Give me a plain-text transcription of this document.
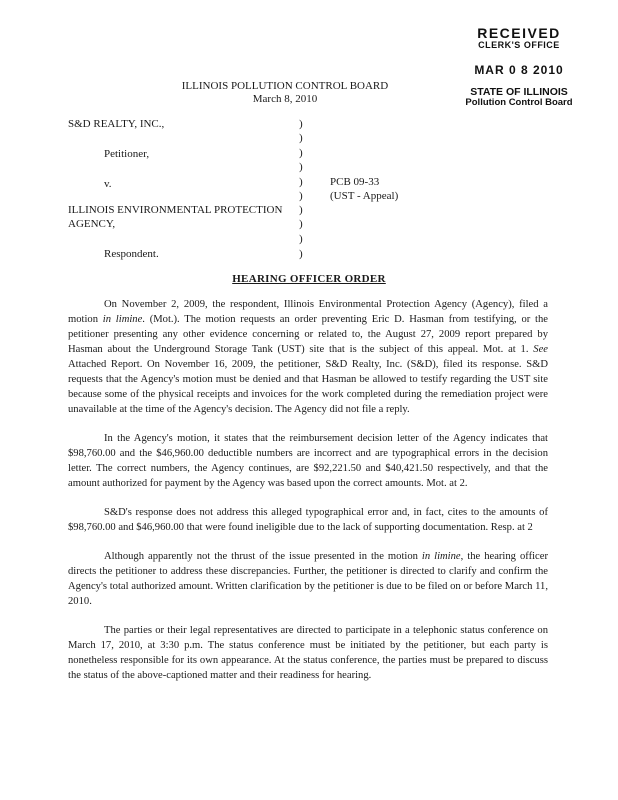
RECEIVED
CLERK'S OFFICE
MAR 0 8 2010
STATE OF ILLINOIS
Pollution Control Board
ILLINOIS POLLUTION CONTROL BOARD
March 8, 2010
S&D REALTY, INC.,
Petitioner,
v.
ILLINOIS ENVIRONMENTAL PROTECTION
AGENCY,
Respondent.
)
)
)
)
)
)
)
)
)
)
PCB 09-33
(UST - Appeal)
HEARING OFFICER ORDER

On November 2, 2009, the respondent, Illinois Environmental Protection Agency (Agency), filed a motion in limine. (Mot.). The motion requests an order preventing Eric D. Hasman from testifying, or the petitioner presenting any other evidence concerning or related to, the August 27, 2009 report prepared by Hasman about the Underground Storage Tank (UST) site that is the subject of this appeal. Mot. at 1. See Attached Report. On November 16, 2009, the petitioner, S&D Realty, Inc. (S&D), filed its response. S&D requests that the Agency's motion must be denied and that Hasman be allowed to testify regarding the UST site because some of the physical receipts and invoices for the work completed during the remediation project were unavailable at the time of the Agency's decision. The Agency did not file a reply.

In the Agency's motion, it states that the reimbursement decision letter of the Agency indicates that $98,760.00 and the $46,960.00 deductible numbers are incorrect and are typographical errors in the decision letter. The correct numbers, the Agency continues, are $92,221.50 and $40,421.50 respectively, and that the amount authorized for payment by the Agency was based upon the correct amounts. Mot. at 2.

S&D's response does not address this alleged typographical error and, in fact, cites to the amounts of $98,760.00 and $46,960.00 that were found ineligible due to the lack of supporting documentation. Resp. at 2

Although apparently not the thrust of the issue presented in the motion in limine, the hearing officer directs the petitioner to address these discrepancies. Further, the petitioner is directed to clarify and confirm the Agency's total authorized amount. Written clarification by the petitioner is due to be filed on or before March 11, 2010.

The parties or their legal representatives are directed to participate in a telephonic status conference on March 17, 2010, at 3:30 p.m. The status conference must be initiated by the petitioner, but each party is nonetheless responsible for its own appearance. At the status conference, the parties must be prepared to discuss the status of the above-captioned matter and their readiness for hearing.
